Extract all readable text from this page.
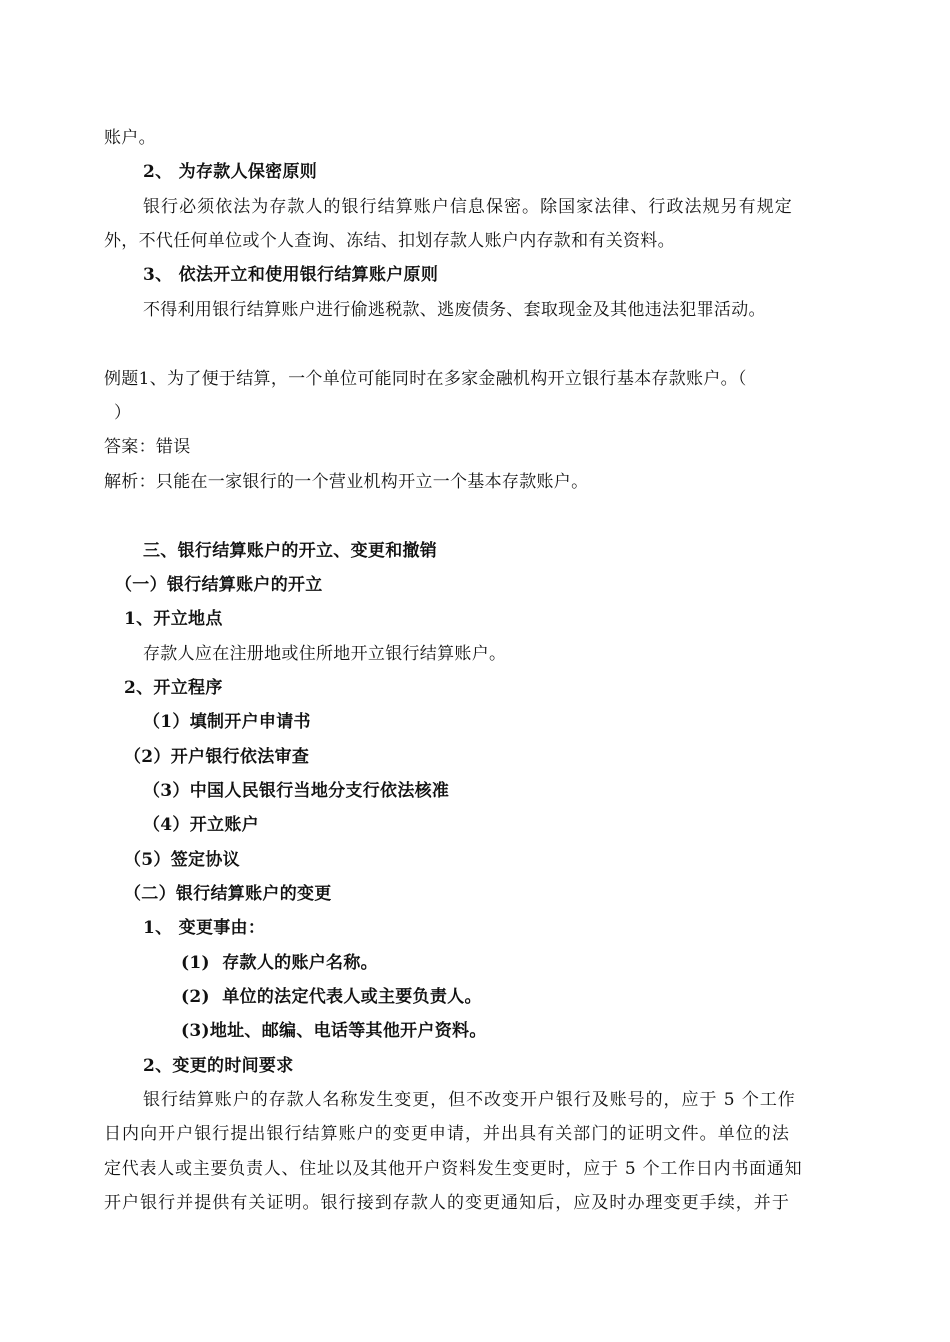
账户。
2、 为存款人保密原则
银行必须依法为存款人的银行结算账户信息保密。除国家法律、行政法规另有规定
外，不代任何单位或个人查询、冻结、扣划存款人账户内存款和有关资料。
3、 依法开立和使用银行结算账户原则
不得利用银行结算账户进行偷逃税款、逃废债务、套取现金及其他违法犯罪活动。
例题1、为了便于结算，一个单位可能同时在多家金融机构开立银行基本存款账户。（
）
答案：错误
解析：只能在一家银行的一个营业机构开立一个基本存款账户。
三、银行结算账户的开立、变更和撤销
（一）银行结算账户的开立
1、开立地点
存款人应在注册地或住所地开立银行结算账户。
2、开立程序
（1）填制开户申请书
（2）开户银行依法审查
（3）中国人民银行当地分支行依法核准
（4）开立账户
（5）签定协议
（二）银行结算账户的变更
1、 变更事由：
(1)  存款人的账户名称。
(2)  单位的法定代表人或主要负责人。
(3)地址、邮编、电话等其他开户资料。
2、变更的时间要求
银行结算账户的存款人名称发生变更，但不改变开户银行及账号的，应于 5 个工作
日内向开户银行提出银行结算账户的变更申请，并出具有关部门的证明文件。单位的法
定代表人或主要负责人、住址以及其他开户资料发生变更时，应于 5 个工作日内书面通知
开户银行并提供有关证明。银行接到存款人的变更通知后，应及时办理变更手续，并于
